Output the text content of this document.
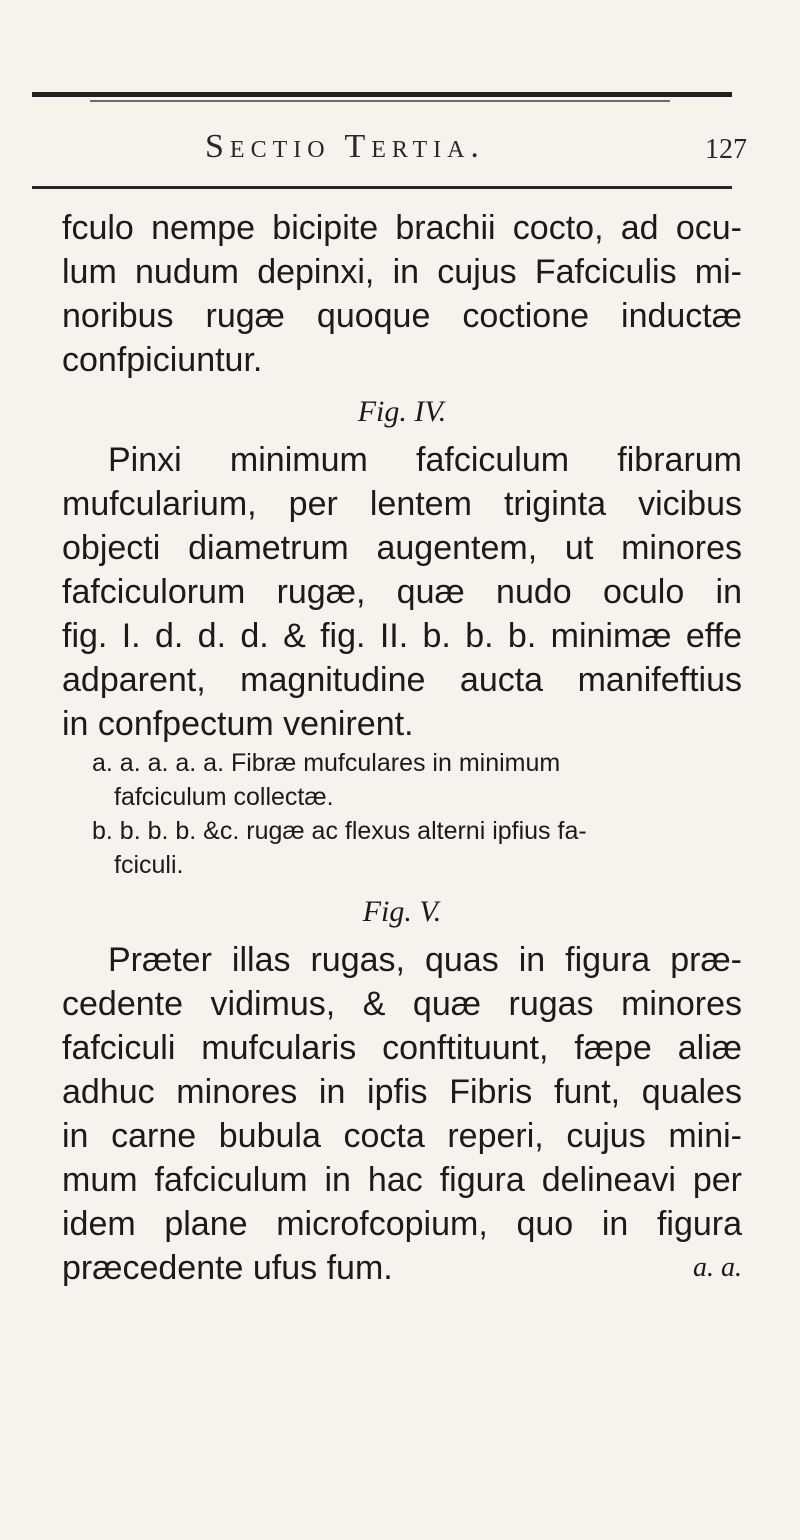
Sectio Tertia.	127
fculo nempe bicipite brachii cocto, ad ocu-
lum nudum depinxi, in cujus Fafciculis mi-
noribus rugæ quoque coctione inductæ
confpiciuntur.
Fig. IV.
Pinxi minimum fafciculum fibrarum
mufcularium, per lentem triginta vicibus
objecti diametrum augentem, ut minores
fafciculorum rugæ, quæ nudo oculo in
fig. I. d. d. d. & fig. II. b. b. b. minimæ effe
adparent, magnitudine aucta manifeftius
in confpectum venirent.
a. a. a. a. a. Fibræ mufculares in minimum
fafciculum collectæ.
b. b. b. b. &c. rugæ ac flexus alterni ipfius fa-
fciculi.
Fig. V.
Præter illas rugas, quas in figura præ-
cedente vidimus, & quæ rugas minores
fafciculi mufcularis conftituunt, fæpe aliæ
adhuc minores in ipfis Fibris funt, quales
in carne bubula cocta reperi, cujus mini-
mum fafciculum in hac figura delineavi per
idem plane microfcopium, quo in figura
præcedente ufus fum.	a. a.
